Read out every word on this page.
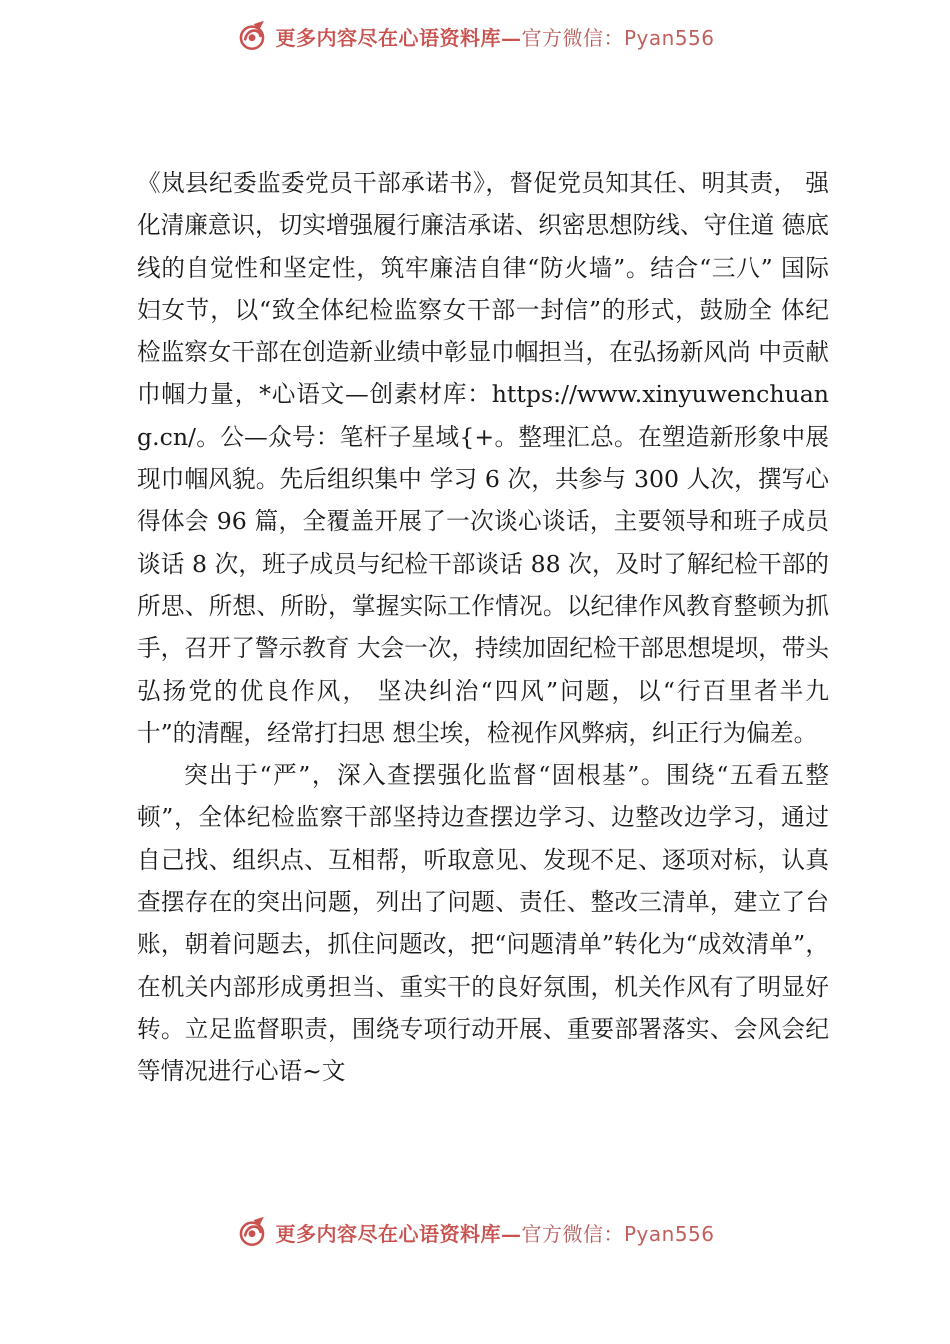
更多内容尽在心语资料库—官方微信：Pyan556

《岚县纪委监委党员干部承诺书》，督促党员知其任、明其责， 强化清廉意识，切实增强履行廉洁承诺、织密思想防线、守住道 德底线的自觉性和坚定性，筑牢廉洁自律“防火墙”。结合“三八” 国际妇女节，以“致全体纪检监察女干部一封信”的形式，鼓励全 体纪检监察女干部在创造新业绩中彰显巾帼担当，在弘扬新风尚 中贡献巾帼力量，*心语文—创素材库：https://www.xinyuwenchuang.cn/。公—众号：笔杆子星域{+。整理汇总。在塑造新形象中展现巾帼风貌。先后组织集中 学习 6 次，共参与 300 人次，撰写心得体会 96 篇，全覆盖开展了一次谈心谈话，主要领导和班子成员谈话 8 次，班子成员与纪检干部谈话 88 次，及时了解纪检干部的所思、所想、所盼，掌握实际工作情况。以纪律作风教育整顿为抓手，召开了警示教育 大会一次，持续加固纪检干部思想堤坝，带头弘扬党的优良作风， 坚决纠治“四风”问题，以“行百里者半九十”的清醒，经常打扫思 想尘埃，检视作风弊病，纠正行为偏差。

突出于“严”，深入查摆强化监督“固根基”。围绕“五看五整顿”，全体纪检监察干部坚持边查摆边学习、边整改边学习，通过自己找、组织点、互相帮，听取意见、发现不足、逐项对标，认真查摆存在的突出问题，列出了问题、责任、整改三清单，建立了台账，朝着问题去，抓住问题改，把“问题清单”转化为“成效清单”， 在机关内部形成勇担当、重实干的良好氛围，机关作风有了明显好转。立足监督职责，围绕专项行动开展、重要部署落实、会风会纪等情况进行心语~文

更多内容尽在心语资料库—官方微信：Pyan556
